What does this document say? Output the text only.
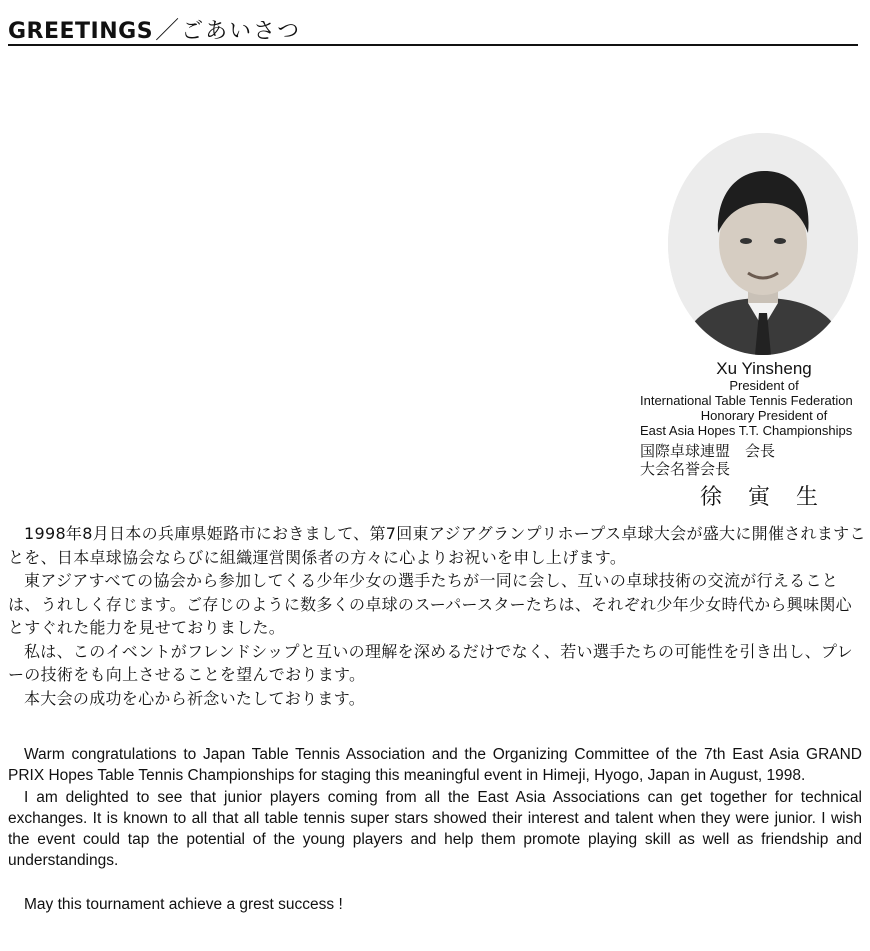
GREETINGS／ごあいさつ
Xu Yinsheng
President of
International Table Tennis Federation
Honorary President of
East Asia Hopes T.T. Championships
国際卓球連盟　会長
大会名誉会長
徐寅生

1998年8月日本の兵庫県姫路市におきまして、第7回東アジアグランプリホープス卓球大会が盛大に開催されますことを、日本卓球協会ならびに組織運営関係者の方々に心よりお祝いを申し上げます。

東アジアすべての協会から参加してくる少年少女の選手たちが一同に会し、互いの卓球技術の交流が行えることは、うれしく存じます。ご存じのように数多くの卓球のスーパースターたちは、それぞれ少年少女時代から興味関心とすぐれた能力を見せておりました。

私は、このイベントがフレンドシップと互いの理解を深めるだけでなく、若い選手たちの可能性を引き出し、プレーの技術をも向上させることを望んでおります。

本大会の成功を心から祈念いたしております。

Warm congratulations to Japan Table Tennis Association and the Organizing Committee of the 7th East Asia GRAND PRIX Hopes Table Tennis Championships for staging this meaningful event in Himeji, Hyogo, Japan in August, 1998.

I am delighted to see that junior players coming from all the East Asia Associations can get together for technical exchanges. It is known to all that all table tennis super stars showed their interest and talent when they were junior. I wish the event could tap the potential of the young players and help them promote playing skill as well as friendship and understandings.

May this tournament achieve a grest success !
